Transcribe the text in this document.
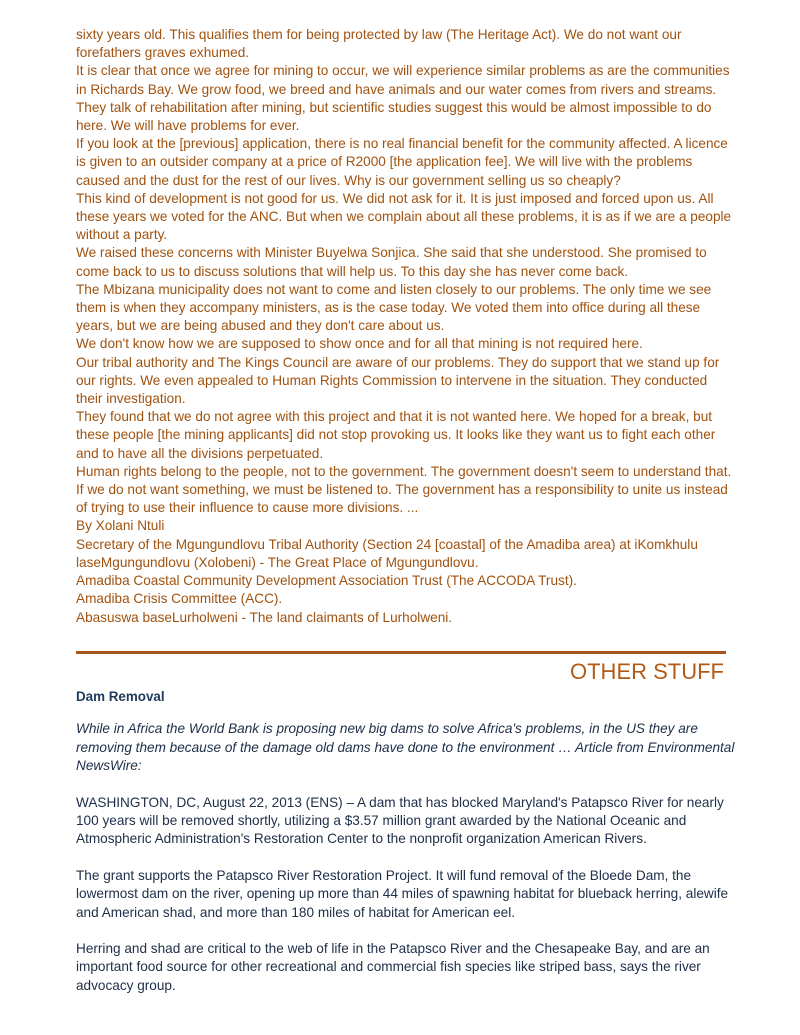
sixty years old. This qualifies them for being protected by law (The Heritage Act). We do not want our forefathers graves exhumed.

It is clear that once we agree for mining to occur, we will experience similar problems as are the communities in Richards Bay. We grow food, we breed and have animals and our water comes from rivers and streams.

They talk of rehabilitation after mining, but scientific studies suggest this would be almost impossible to do here. We will have problems for ever.

If you look at the [previous] application, there is no real financial benefit for the community affected. A licence is given to an outsider company at a price of R2000 [the application fee]. We will live with the problems caused and the dust for the rest of our lives. Why is our government selling us so cheaply?

This kind of development is not good for us. We did not ask for it. It is just imposed and forced upon us. All these years we voted for the ANC. But when we complain about all these problems, it is as if we are a people without a party.

We raised these concerns with Minister Buyelwa Sonjica. She said that she understood. She promised to come back to us to discuss solutions that will help us. To this day she has never come back.

The Mbizana municipality does not want to come and listen closely to our problems. The only time we see them is when they accompany ministers, as is the case today. We voted them into office during all these years, but we are being abused and they don't care about us.

We don't know how we are supposed to show once and for all that mining is not required here.

Our tribal authority and The Kings Council are aware of our problems. They do support that we stand up for our rights. We even appealed to Human Rights Commission to intervene in the situation. They conducted their investigation.

They found that we do not agree with this project and that it is not wanted here. We hoped for a break, but these people [the mining applicants] did not stop provoking us. It looks like they want us to fight each other and to have all the divisions perpetuated.

Human rights belong to the people, not to the government. The government doesn't seem to understand that. If we do not want something, we must be listened to. The government has a responsibility to unite us instead of trying to use their influence to cause more divisions. ...

By Xolani Ntuli

Secretary of the Mgungundlovu Tribal Authority (Section 24 [coastal] of the Amadiba area) at iKomkhulu laseMgungundlovu (Xolobeni) - The Great Place of Mgungundlovu.

Amadiba Coastal Community Development Association Trust (The ACCODA Trust).

Amadiba Crisis Committee (ACC).

Abasuswa baseLurholweni - The land claimants of Lurholweni.

OTHER STUFF
Dam Removal

While in Africa the World Bank is proposing new big dams to solve Africa's problems, in the US they are removing them because of the damage old dams have done to the environment … Article from Environmental NewsWire:

WASHINGTON, DC, August 22, 2013 (ENS) – A dam that has blocked Maryland's Patapsco River for nearly 100 years will be removed shortly, utilizing a $3.57 million grant awarded by the National Oceanic and Atmospheric Administration's Restoration Center to the nonprofit organization American Rivers.

The grant supports the Patapsco River Restoration Project. It will fund removal of the Bloede Dam, the lowermost dam on the river, opening up more than 44 miles of spawning habitat for blueback herring, alewife and American shad, and more than 180 miles of habitat for American eel.

Herring and shad are critical to the web of life in the Patapsco River and the Chesapeake Bay, and are an important food source for other recreational and commercial fish species like striped bass, says the river advocacy group.
